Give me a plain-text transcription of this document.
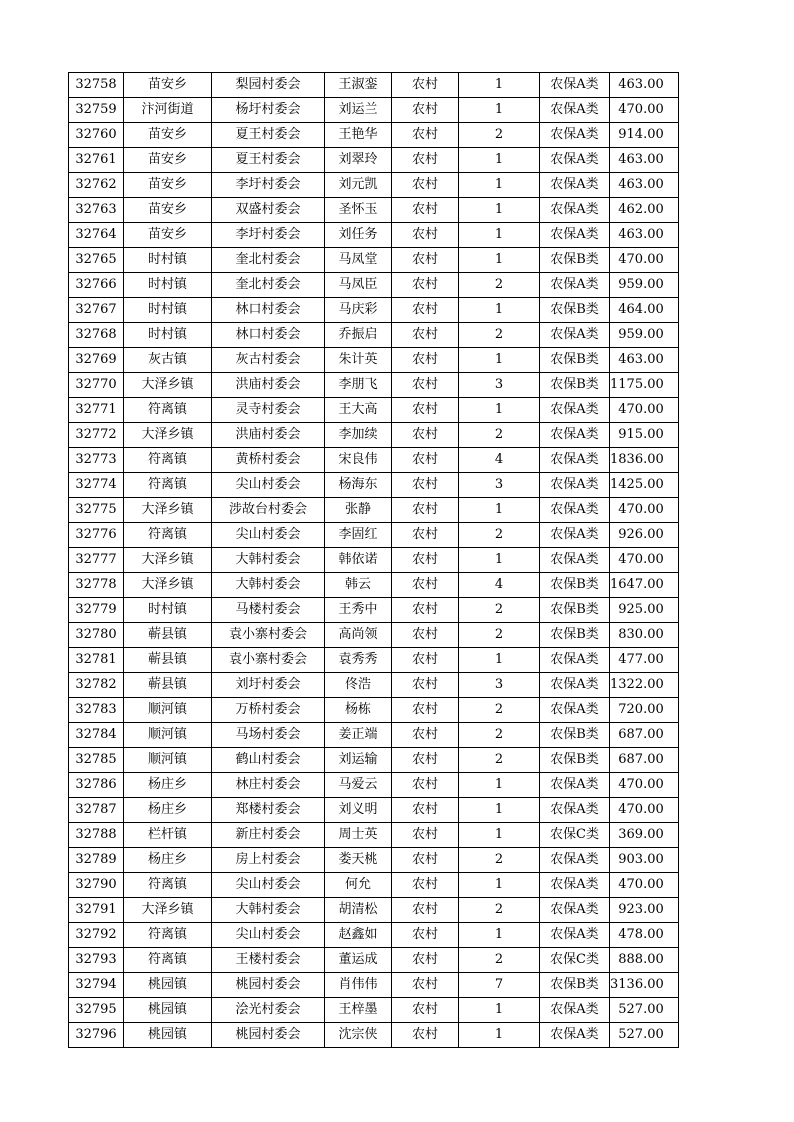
32758	苗安乡	梨园村委会	王淑銮	农村	1	农保A类	463.00
32759	汴河街道	杨圩村委会	刘运兰	农村	1	农保A类	470.00
32760	苗安乡	夏王村委会	王艳华	农村	2	农保A类	914.00
32761	苗安乡	夏王村委会	刘翠玲	农村	1	农保A类	463.00
32762	苗安乡	李圩村委会	刘元凯	农村	1	农保A类	463.00
32763	苗安乡	双盛村委会	圣怀玉	农村	1	农保A类	462.00
32764	苗安乡	李圩村委会	刘任务	农村	1	农保A类	463.00
32765	时村镇	奎北村委会	马凤堂	农村	1	农保B类	470.00
32766	时村镇	奎北村委会	马凤臣	农村	2	农保A类	959.00
32767	时村镇	林口村委会	马庆彩	农村	1	农保B类	464.00
32768	时村镇	林口村委会	乔振启	农村	2	农保A类	959.00
32769	灰古镇	灰古村委会	朱计英	农村	1	农保B类	463.00
32770	大泽乡镇	洪庙村委会	李朋飞	农村	3	农保B类	1175.00
32771	符离镇	灵寺村委会	王大高	农村	1	农保A类	470.00
32772	大泽乡镇	洪庙村委会	李加续	农村	2	农保A类	915.00
32773	符离镇	黄桥村委会	宋良伟	农村	4	农保A类	1836.00
32774	符离镇	尖山村委会	杨海东	农村	3	农保A类	1425.00
32775	大泽乡镇	涉故台村委会	张静	农村	1	农保A类	470.00
32776	符离镇	尖山村委会	李固红	农村	2	农保A类	926.00
32777	大泽乡镇	大韩村委会	韩依诺	农村	1	农保A类	470.00
32778	大泽乡镇	大韩村委会	韩云	农村	4	农保B类	1647.00
32779	时村镇	马楼村委会	王秀中	农村	2	农保B类	925.00
32780	蕲县镇	袁小寨村委会	高尚领	农村	2	农保B类	830.00
32781	蕲县镇	袁小寨村委会	袁秀秀	农村	1	农保A类	477.00
32782	蕲县镇	刘圩村委会	佟浩	农村	3	农保A类	1322.00
32783	顺河镇	万桥村委会	杨栋	农村	2	农保A类	720.00
32784	顺河镇	马场村委会	姜正端	农村	2	农保B类	687.00
32785	顺河镇	鹤山村委会	刘运输	农村	2	农保B类	687.00
32786	杨庄乡	林庄村委会	马爱云	农村	1	农保A类	470.00
32787	杨庄乡	郑楼村委会	刘义明	农村	1	农保A类	470.00
32788	栏杆镇	新庄村委会	周士英	农村	1	农保C类	369.00
32789	杨庄乡	房上村委会	娄天桃	农村	2	农保A类	903.00
32790	符离镇	尖山村委会	何允	农村	1	农保A类	470.00
32791	大泽乡镇	大韩村委会	胡清松	农村	2	农保A类	923.00
32792	符离镇	尖山村委会	赵鑫如	农村	1	农保A类	478.00
32793	符离镇	王楼村委会	董运成	农村	2	农保C类	888.00
32794	桃园镇	桃园村委会	肖伟伟	农村	7	农保B类	3136.00
32795	桃园镇	浍光村委会	王梓墨	农村	1	农保A类	527.00
32796	桃园镇	桃园村委会	沈宗侠	农村	1	农保A类	527.00
